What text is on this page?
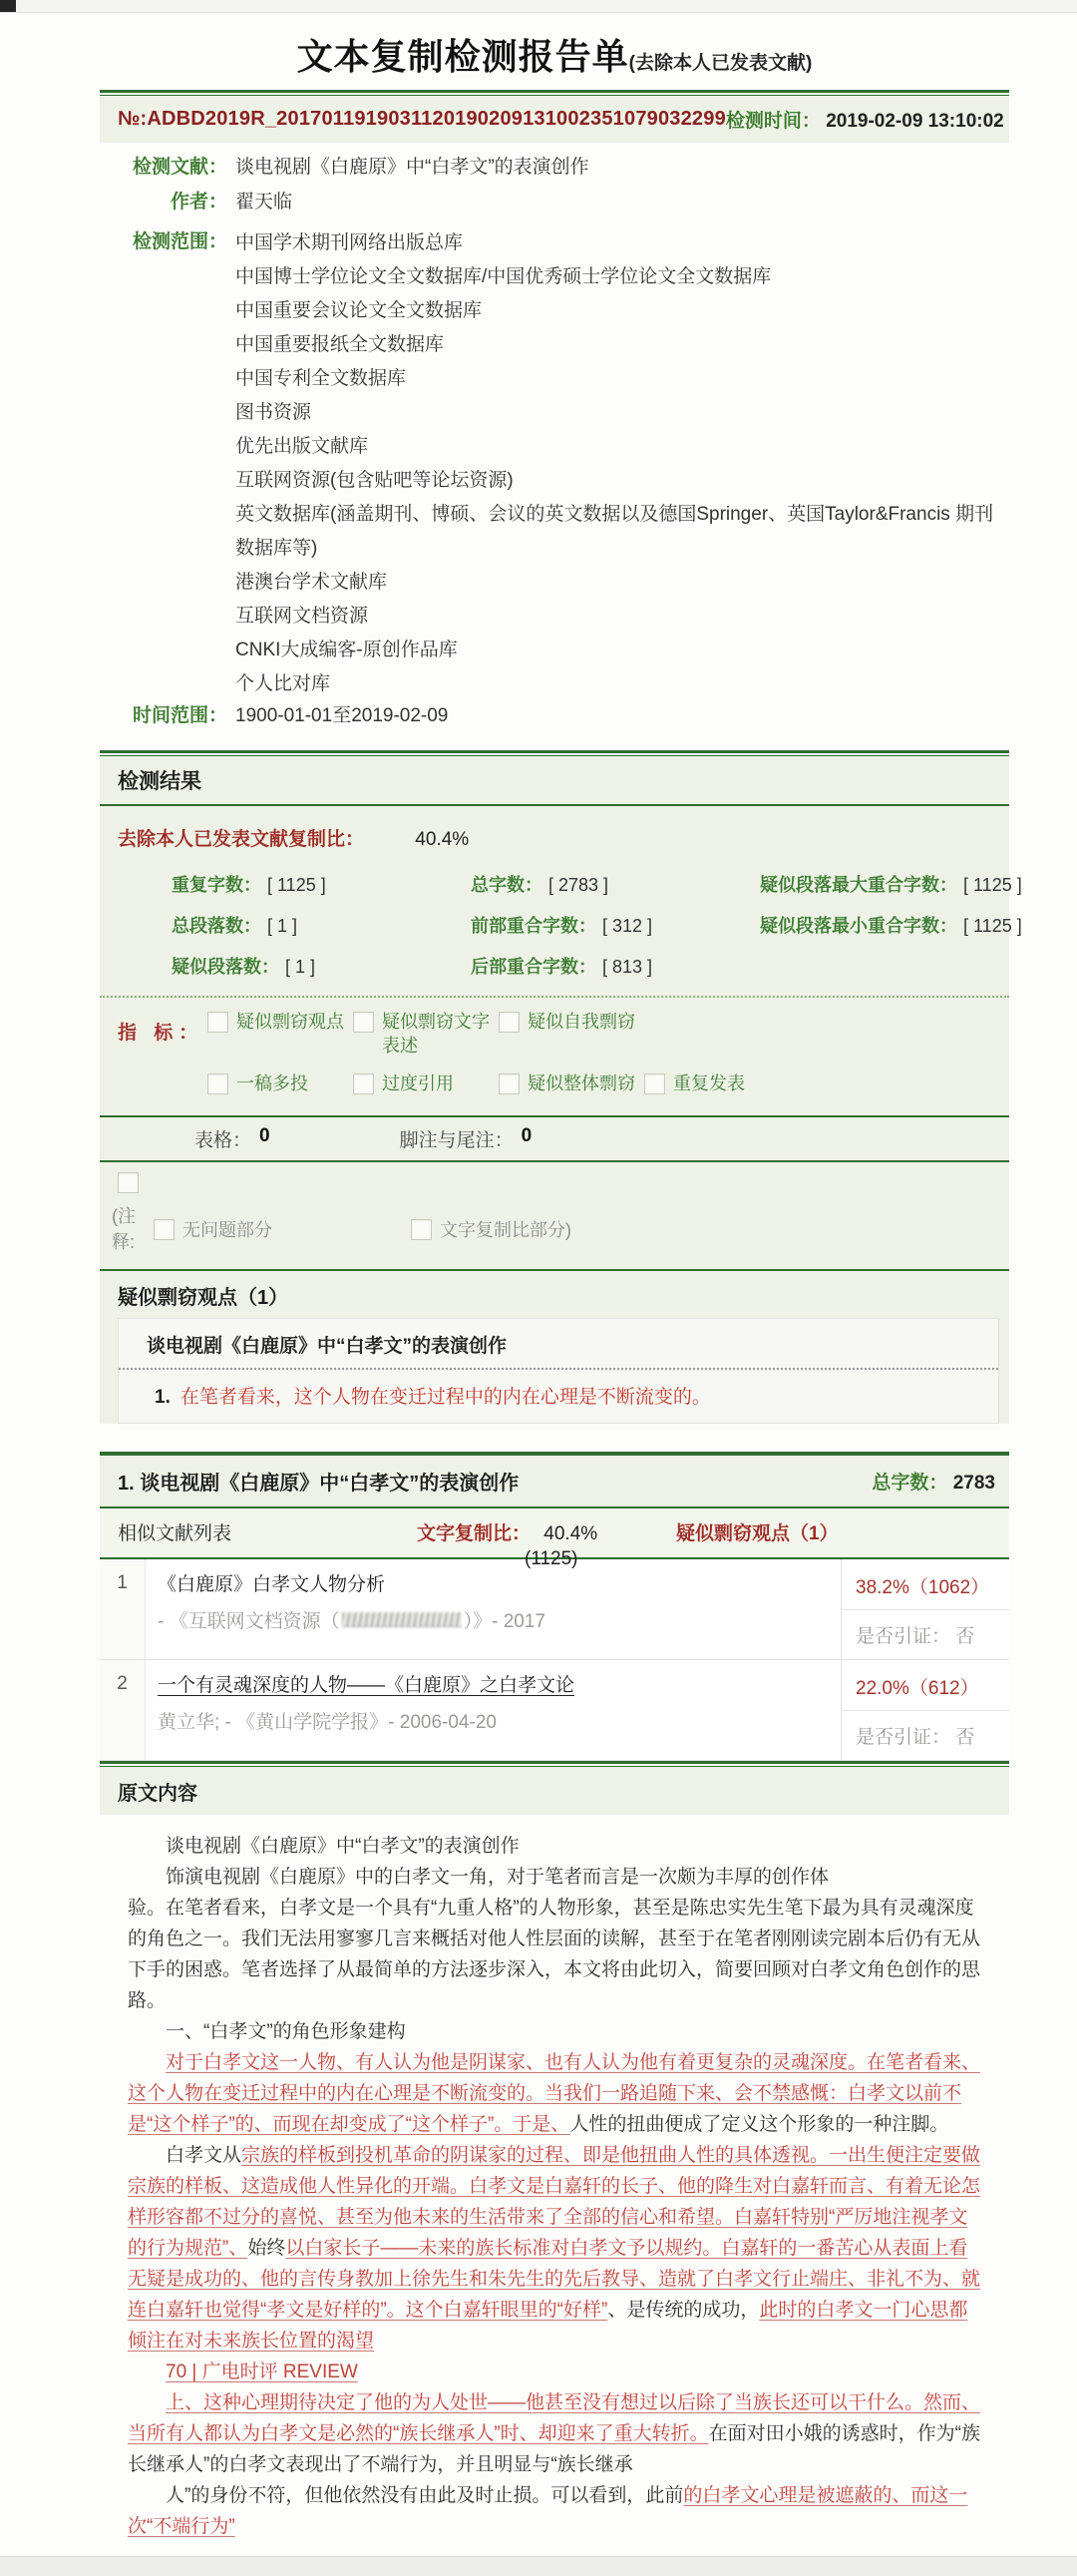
文本复制检测报告单(去除本人已发表文献)
№:ADBD2019R_2017011919031120190209131002351079032299 检测时间： 2019-02-09 13:10:02
检测文献： 谈电视剧《白鹿原》中“白孝文”的表演创作
作者： 翟天临
检测范围： 中国学术期刊网络出版总库
中国博士学位论文全文数据库/中国优秀硕士学位论文全文数据库
中国重要会议论文全文数据库
中国重要报纸全文数据库
中国专利全文数据库
图书资源
优先出版文献库
互联网资源(包含贴吧等论坛资源)
英文数据库(涵盖期刊、博硕、会议的英文数据以及德国Springer、英国Taylor&Francis 期刊数据库等)
港澳台学术文献库
互联网文档资源
CNKI大成编客-原创作品库
个人比对库
时间范围： 1900-01-01至2019-02-09
检测结果
去除本人已发表文献复制比：	40.4%
重复字数： [ 1125 ]	总字数： [ 2783 ]	疑似段落最大重合字数： [ 1125 ]
总段落数： [ 1 ]	前部重合字数： [ 312 ]	疑似段落最小重合字数： [ 1125 ]
疑似段落数： [ 1 ]	后部重合字数： [ 813 ]
指 标：
疑似剽窃观点 疑似剽窃文字表述
疑似自我剽窃
一稿多投	过度引用	疑似整体剽窃 重复发表
表格： 0	脚注与尾注： 0
(注释:
无问题部分	文字复制比部分)
疑似剽窃观点（1）
谈电视剧《白鹿原》中“白孝文”的表演创作
1. 在笔者看来，这个人物在变迁过程中的内在心理是不断流变的。
1. 谈电视剧《白鹿原》中“白孝文”的表演创作	总字数： 2783
相似文献列表	文字复制比： 40.4%
(1125)
疑似剽窃观点（1）
1	《白鹿原》白孝文人物分析
- 《互联网文档资源（	）》- 2017
38.2%（1062）
是否引证： 否
2	一个有灵魂深度的人物——《白鹿原》之白孝文论
黄立华; - 《黄山学院学报》- 2006-04-20
22.0%（612）
是否引证： 否
原文内容

谈电视剧《白鹿原》中“白孝文”的表演创作

饰演电视剧《白鹿原》中的白孝文一角，对于笔者而言是一次颇为丰厚的创作体

验。在笔者看来，白孝文是一个具有“九重人格”的人物形象，甚至是陈忠实先生笔下最为具有灵魂深度的角色之一。我们无法用寥寥几言来概括对他人性层面的读解，甚至于在笔者刚刚读完剧本后仍有无从下手的困惑。笔者选择了从最简单的方法逐步深入，本文将由此切入，简要回顾对白孝文角色创作的思路。

一、“白孝文”的角色形象建构

对于白孝文这一人物、有人认为他是阴谋家、也有人认为他有着更复杂的灵魂深度。在笔者看来、这个人物在变迁过程中的内在心理是不断流变的。当我们一路追随下来、会不禁感慨：白孝文以前不是“这个样子”的、而现在却变成了“这个样子”。于是、人性的扭曲便成了定义这个形象的一种注脚。

白孝文从宗族的样板到投机革命的阴谋家的过程、即是他扭曲人性的具体透视。一出生便注定要做宗族的样板、这造成他人性异化的开端。白孝文是白嘉轩的长子、他的降生对白嘉轩而言、有着无论怎样形容都不过分的喜悦、甚至为他未来的生活带来了全部的信心和希望。白嘉轩特别“严厉地注视孝文的行为规范”、始终以白家长子——未来的族长标准对白孝文予以规约。白嘉轩的一番苦心从表面上看无疑是成功的、他的言传身教加上徐先生和朱先生的先后教导、造就了白孝文行止端庄、非礼不为、就连白嘉轩也觉得“孝文是好样的”。这个白嘉轩眼里的“好样”、是传统的成功，此时的白孝文一门心思都倾注在对未来族长位置的渴望

70 | 广电时评 REVIEW

上、这种心理期待决定了他的为人处世——他甚至没有想过以后除了当族长还可以干什么。然而、当所有人都认为白孝文是必然的“族长继承人”时、却迎来了重大转折。在面对田小娥的诱惑时，作为“族长继承人”的白孝文表现出了不端行为，并且明显与“族长继承

人”的身份不符，但他依然没有由此及时止损。可以看到，此前的白孝文心理是被遮蔽的、而这一次“不端行为”
